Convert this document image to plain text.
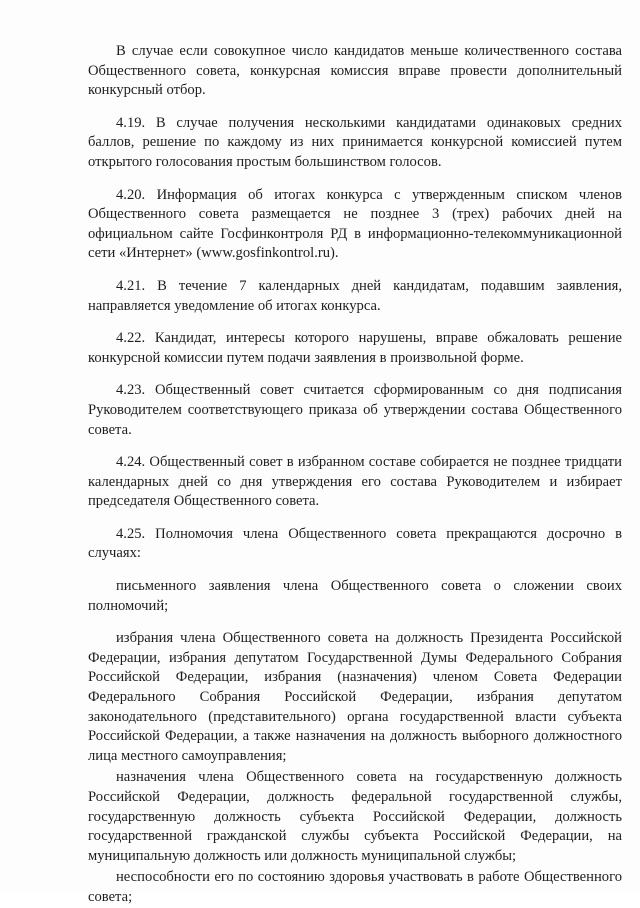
В случае если совокупное число кандидатов меньше количественного состава Общественного совета, конкурсная комиссия вправе провести дополнительный конкурсный отбор.

4.19. В случае получения несколькими кандидатами одинаковых средних баллов, решение по каждому из них принимается конкурсной комиссией путем открытого голосования простым большинством голосов.

4.20. Информация об итогах конкурса с утвержденным списком членов Общественного совета размещается не позднее 3 (трех) рабочих дней на официальном сайте Госфинконтроля РД в информационно-телекоммуникационной сети «Интернет» (www.gosfinkontrol.ru).

4.21. В течение 7 календарных дней кандидатам, подавшим заявления, направляется уведомление об итогах конкурса.

4.22. Кандидат, интересы которого нарушены, вправе обжаловать решение конкурсной комиссии путем подачи заявления в произвольной форме.

4.23. Общественный совет считается сформированным со дня подписания Руководителем соответствующего приказа об утверждении состава Общественного совета.

4.24. Общественный совет в избранном составе собирается не позднее тридцати календарных дней со дня утверждения его состава Руководителем и избирает председателя Общественного совета.

4.25. Полномочия члена Общественного совета прекращаются досрочно в случаях:

письменного заявления члена Общественного совета о сложении своих полномочий;

избрания члена Общественного совета на должность Президента Российской Федерации, избрания депутатом Государственной Думы Федерального Собрания Российской Федерации, избрания (назначения) членом Совета Федерации Федерального Собрания Российской Федерации, избрания депутатом законодательного (представительного) органа государственной власти субъекта Российской Федерации, а также назначения на должность выборного должностного лица местного самоуправления;

назначения члена Общественного совета на государственную должность Российской Федерации, должность федеральной государственной службы, государственную должность субъекта Российской Федерации, должность государственной гражданской службы субъекта Российской Федерации, на муниципальную должность или должность муниципальной службы;

неспособности его по состоянию здоровья участвовать в работе Общественного совета;
